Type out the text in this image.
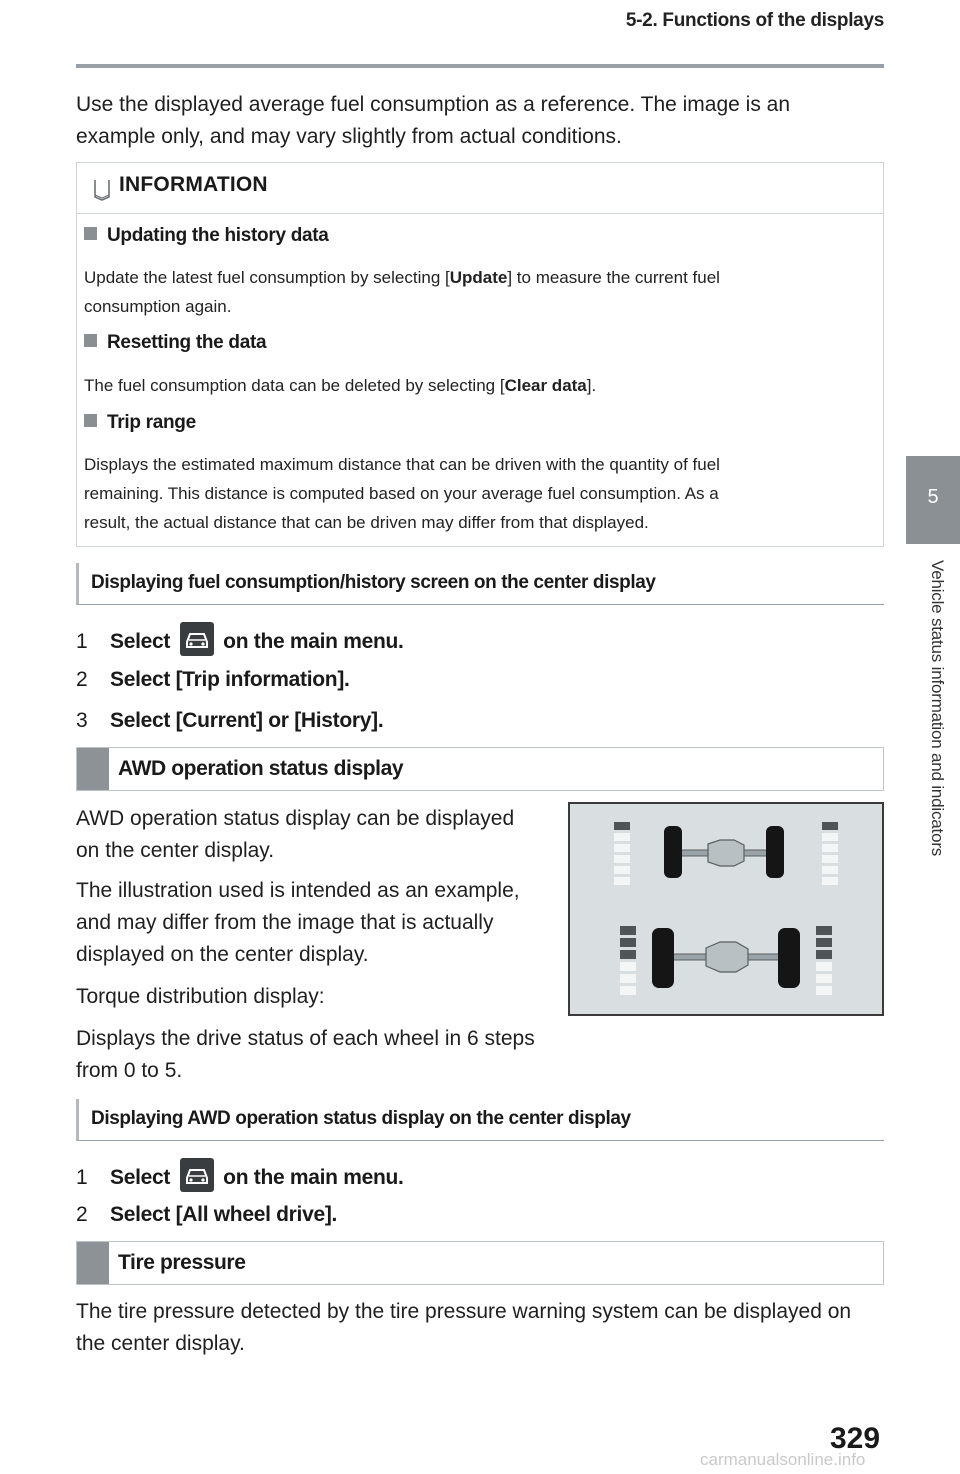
5-2. Functions of the displays
Use the displayed average fuel consumption as a reference. The image is an
example only, and may vary slightly from actual conditions.
INFORMATION
Updating the history data
Update the latest fuel consumption by selecting [Update] to measure the current fuel
consumption again.
Resetting the data
The fuel consumption data can be deleted by selecting [Clear data].
Trip range
Displays the estimated maximum distance that can be driven with the quantity of fuel
remaining. This distance is computed based on your average fuel consumption. As a
result, the actual distance that can be driven may differ from that displayed.
Displaying fuel consumption/history screen on the center display
1 Select	on the main menu.
2 Select [Trip information].
3 Select [Current] or [History].
AWD operation status display
AWD operation status display can be displayed
on the center display.
The illustration used is intended as an example,
and may differ from the image that is actually
displayed on the center display.
Torque distribution display:
Displays the drive status of each wheel in 6 steps
from 0 to 5.
Displaying AWD operation status display on the center display
1 Select	on the main menu.
2 Select [All wheel drive].
Tire pressure
The tire pressure detected by the tire pressure warning system can be displayed on
the center display.
5
Vehicle status information and indicators
329
carmanualsonline.info
